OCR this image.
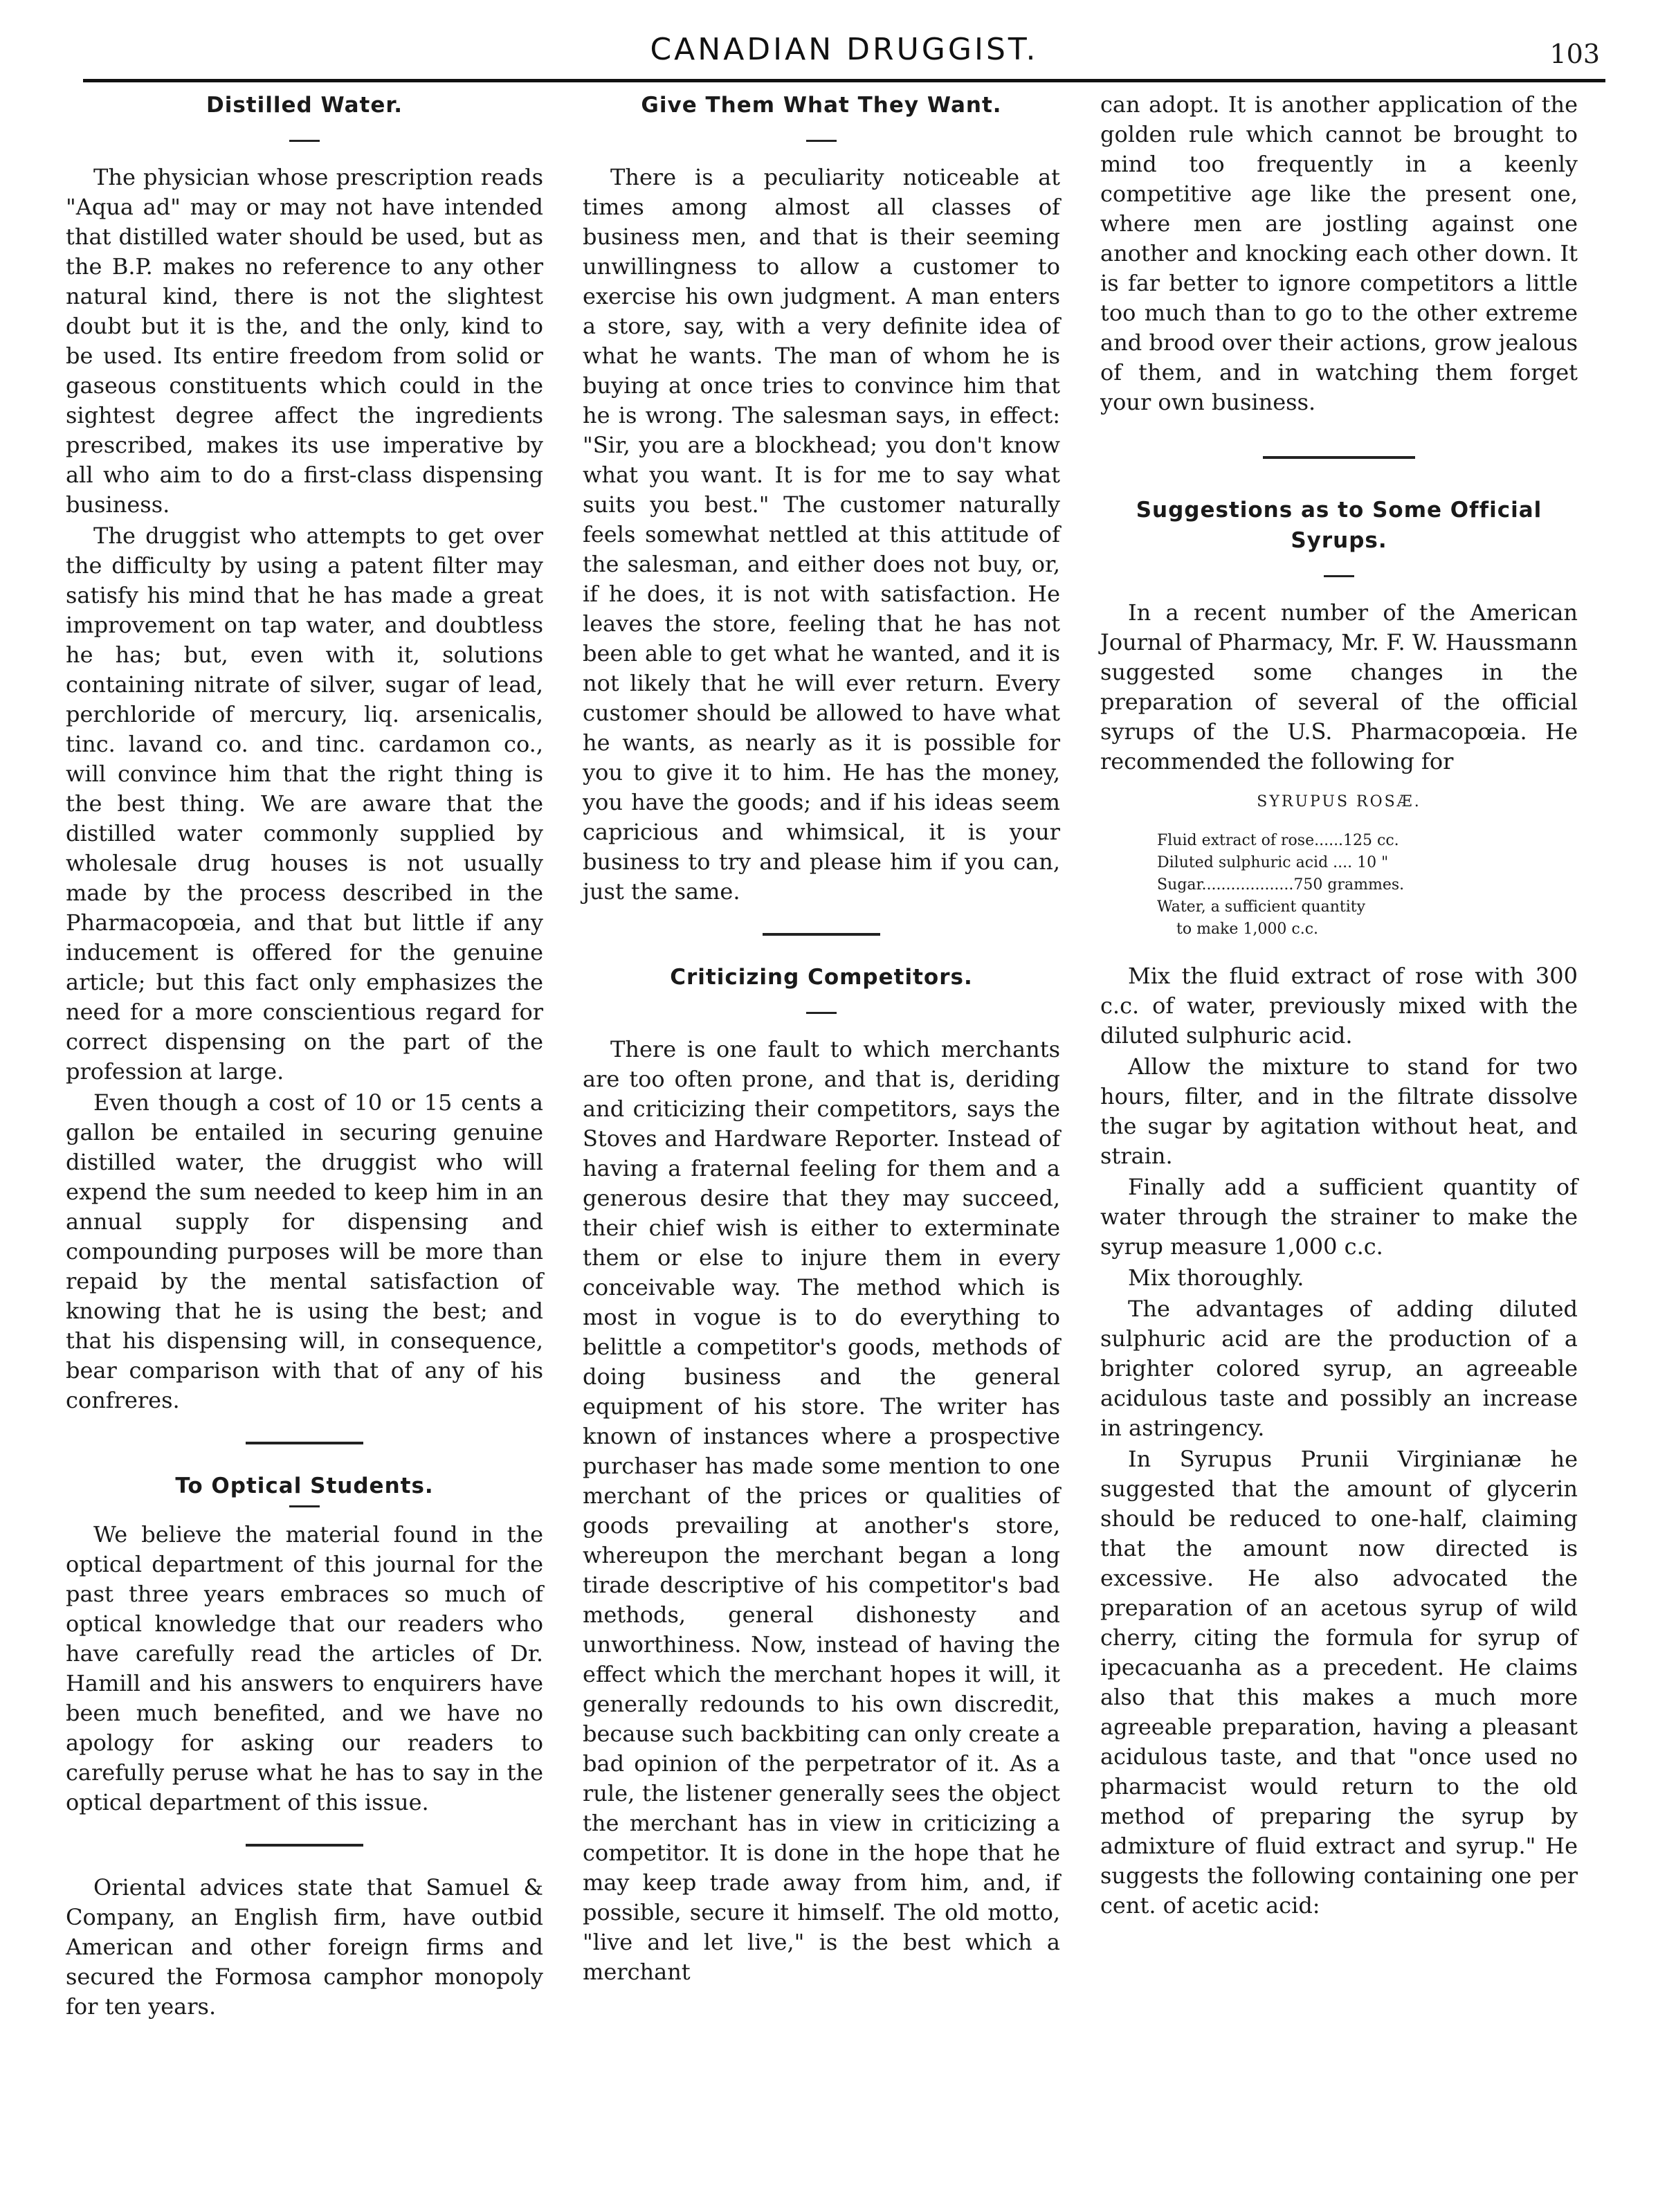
CANADIAN DRUGGIST.	103
Distilled Water.

The physician whose prescription reads "Aqua ad" may or may not have intended that distilled water should be used, but as the B.P. makes no reference to any other natural kind, there is not the slightest doubt but it is the, and the only, kind to be used. Its entire freedom from solid or gaseous constituents which could in the sightest degree affect the ingredients prescribed, makes its use imperative by all who aim to do a first-class dispensing business.

The druggist who attempts to get over the difficulty by using a patent filter may satisfy his mind that he has made a great improvement on tap water, and doubtless he has; but, even with it, solutions containing nitrate of silver, sugar of lead, perchloride of mercury, liq. arsenicalis, tinc. lavand co. and tinc. cardamon co., will convince him that the right thing is the best thing. We are aware that the distilled water commonly supplied by wholesale drug houses is not usually made by the process described in the Pharmacopœia, and that but little if any inducement is offered for the genuine article; but this fact only emphasizes the need for a more conscientious regard for correct dispensing on the part of the profession at large.

Even though a cost of 10 or 15 cents a gallon be entailed in securing genuine distilled water, the druggist who will expend the sum needed to keep him in an annual supply for dispensing and compounding purposes will be more than repaid by the mental satisfaction of knowing that he is using the best; and that his dispensing will, in consequence, bear comparison with that of any of his confreres.

To Optical Students.

We believe the material found in the optical department of this journal for the past three years embraces so much of optical knowledge that our readers who have carefully read the articles of Dr. Hamill and his answers to enquirers have been much benefited, and we have no apology for asking our readers to carefully peruse what he has to say in the optical department of this issue.

Oriental advices state that Samuel & Company, an English firm, have outbid American and other foreign firms and secured the Formosa camphor monopoly for ten years.

Give Them What They Want.

There is a peculiarity noticeable at times among almost all classes of business men, and that is their seeming unwillingness to allow a customer to exercise his own judgment. A man enters a store, say, with a very definite idea of what he wants. The man of whom he is buying at once tries to convince him that he is wrong. The salesman says, in effect: "Sir, you are a blockhead; you don't know what you want. It is for me to say what suits you best." The customer naturally feels somewhat nettled at this attitude of the salesman, and either does not buy, or, if he does, it is not with satisfaction. He leaves the store, feeling that he has not been able to get what he wanted, and it is not likely that he will ever return. Every customer should be allowed to have what he wants, as nearly as it is possible for you to give it to him. He has the money, you have the goods; and if his ideas seem capricious and whimsical, it is your business to try and please him if you can, just the same.

Criticizing Competitors.

There is one fault to which merchants are too often prone, and that is, deriding and criticizing their competitors, says the Stoves and Hardware Reporter. Instead of having a fraternal feeling for them and a generous desire that they may succeed, their chief wish is either to exterminate them or else to injure them in every conceivable way. The method which is most in vogue is to do everything to belittle a competitor's goods, methods of doing business and the general equipment of his store. The writer has known of instances where a prospective purchaser has made some mention to one merchant of the prices or qualities of goods prevailing at another's store, whereupon the merchant began a long tirade descriptive of his competitor's bad methods, general dishonesty and unworthiness. Now, instead of having the effect which the merchant hopes it will, it generally redounds to his own discredit, because such backbiting can only create a bad opinion of the perpetrator of it. As a rule, the listener generally sees the object the merchant has in view in criticizing a competitor. It is done in the hope that he may keep trade away from him, and, if possible, secure it himself. The old motto, "live and let live," is the best which a merchant

can adopt. It is another application of the golden rule which cannot be brought to mind too frequently in a keenly competitive age like the present one, where men are jostling against one another and knocking each other down. It is far better to ignore competitors a little too much than to go to the other extreme and brood over their actions, grow jealous of them, and in watching them forget your own business.

Suggestions as to Some Official Syrups.

In a recent number of the American Journal of Pharmacy, Mr. F. W. Haussmann suggested some changes in the preparation of several of the official syrups of the U.S. Pharmacopœia. He recommended the following for

SYRUPUS ROSÆ.
Fluid extract of rose......125 cc.
Diluted sulphuric acid .... 10 "
Sugar...................750 grammes.
Water, a sufficient quantity
to make 1,000 c.c.

Mix the fluid extract of rose with 300 c.c. of water, previously mixed with the diluted sulphuric acid.

Allow the mixture to stand for two hours, filter, and in the filtrate dissolve the sugar by agitation without heat, and strain.

Finally add a sufficient quantity of water through the strainer to make the syrup measure 1,000 c.c.

Mix thoroughly.

The advantages of adding diluted sulphuric acid are the production of a brighter colored syrup, an agreeable acidulous taste and possibly an increase in astringency.

In Syrupus Prunii Virginianæ he suggested that the amount of glycerin should be reduced to one-half, claiming that the amount now directed is excessive. He also advocated the preparation of an acetous syrup of wild cherry, citing the formula for syrup of ipecacuanha as a precedent. He claims also that this makes a much more agreeable preparation, having a pleasant acidulous taste, and that "once used no pharmacist would return to the old method of preparing the syrup by admixture of fluid extract and syrup." He suggests the following containing one per cent. of acetic acid:
